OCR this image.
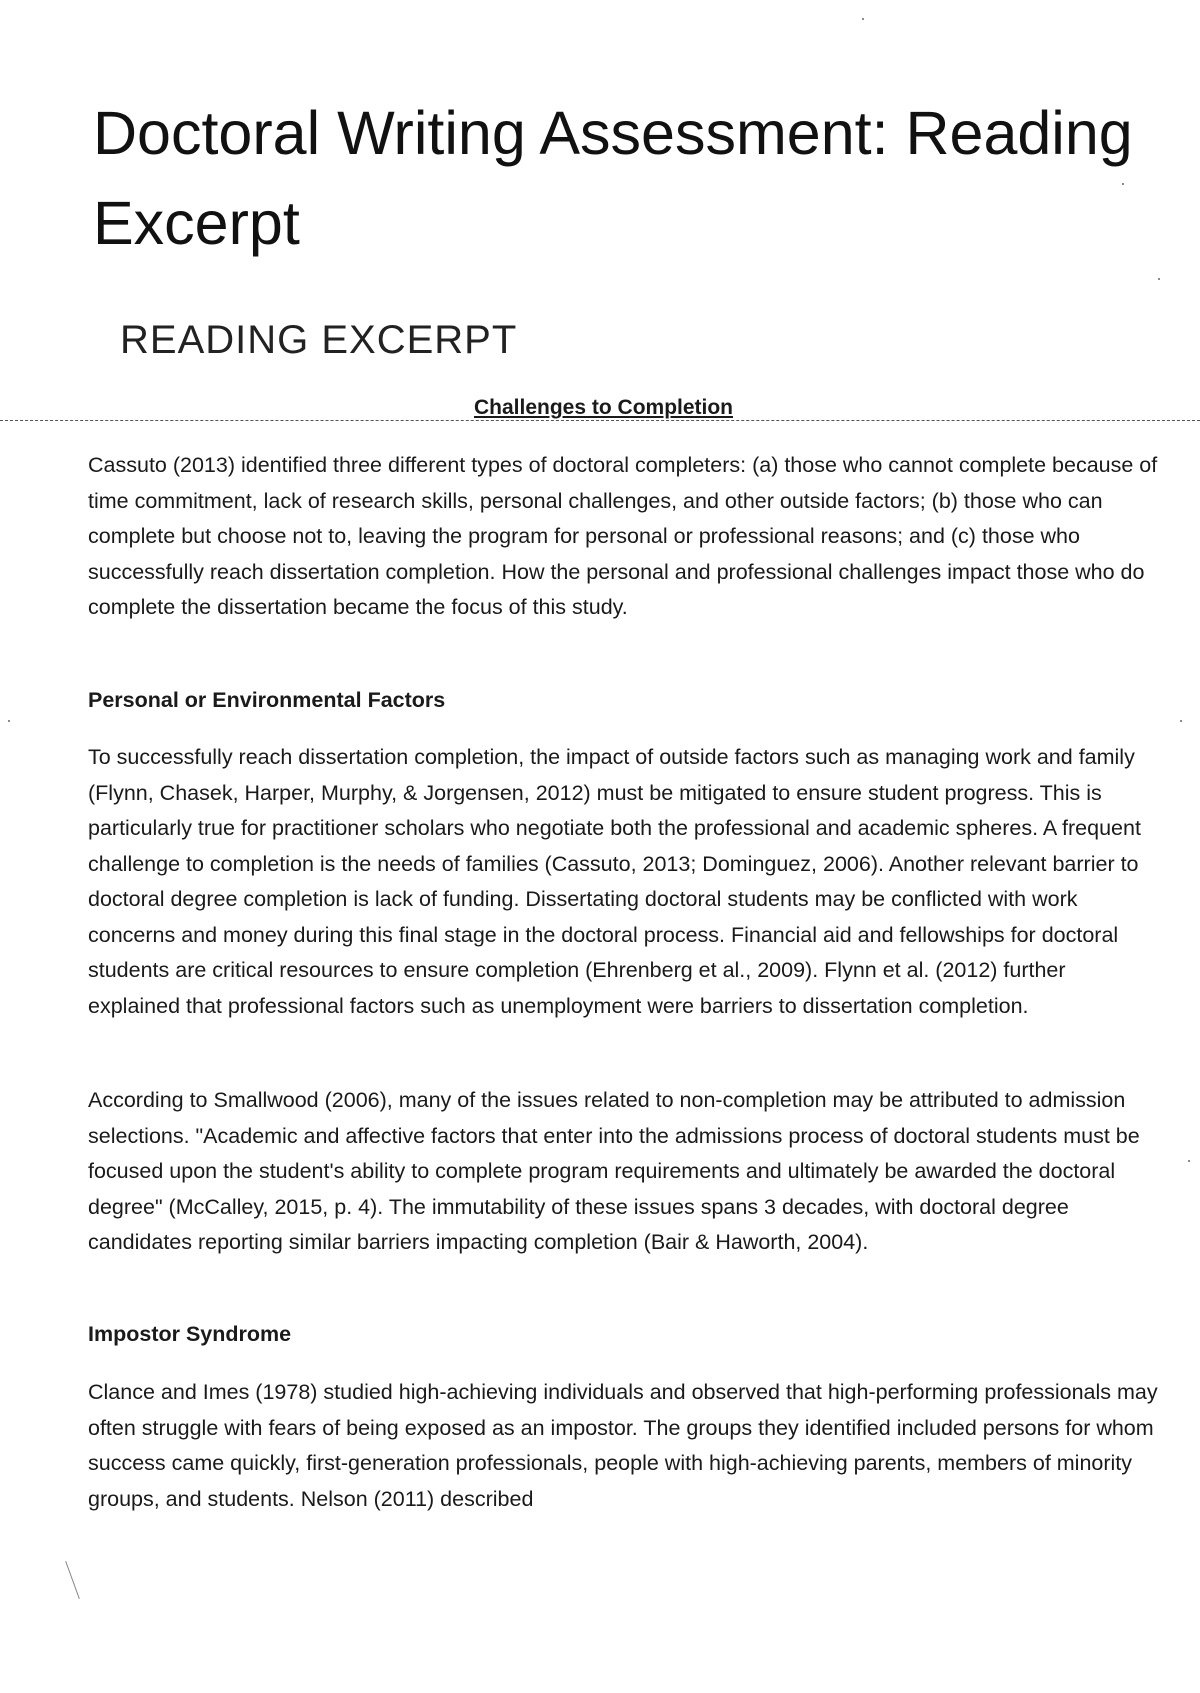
Doctoral Writing Assessment: Reading Excerpt
READING EXCERPT
Challenges to Completion

Cassuto (2013) identified three different types of doctoral completers: (a) those who cannot complete because of time commitment, lack of research skills, personal challenges, and other outside factors; (b) those who can complete but choose not to, leaving the program for personal or professional reasons; and (c) those who successfully reach dissertation completion. How the personal and professional challenges impact those who do complete the dissertation became the focus of this study.

Personal or Environmental Factors

To successfully reach dissertation completion, the impact of outside factors such as managing work and family (Flynn, Chasek, Harper, Murphy, & Jorgensen, 2012) must be mitigated to ensure student progress. This is particularly true for practitioner scholars who negotiate both the professional and academic spheres. A frequent challenge to completion is the needs of families (Cassuto, 2013; Dominguez, 2006). Another relevant barrier to doctoral degree completion is lack of funding. Dissertating doctoral students may be conflicted with work concerns and money during this final stage in the doctoral process. Financial aid and fellowships for doctoral students are critical resources to ensure completion (Ehrenberg et al., 2009). Flynn et al. (2012) further explained that professional factors such as unemployment were barriers to dissertation completion.

According to Smallwood (2006), many of the issues related to non-completion may be attributed to admission selections. "Academic and affective factors that enter into the admissions process of doctoral students must be focused upon the student's ability to complete program requirements and ultimately be awarded the doctoral degree" (McCalley, 2015, p. 4). The immutability of these issues spans 3 decades, with doctoral degree candidates reporting similar barriers impacting completion (Bair & Haworth, 2004).

Impostor Syndrome

Clance and Imes (1978) studied high-achieving individuals and observed that high-performing professionals may often struggle with fears of being exposed as an impostor. The groups they identified included persons for whom success came quickly, first-generation professionals, people with high-achieving parents, members of minority groups, and students. Nelson (2011) described
